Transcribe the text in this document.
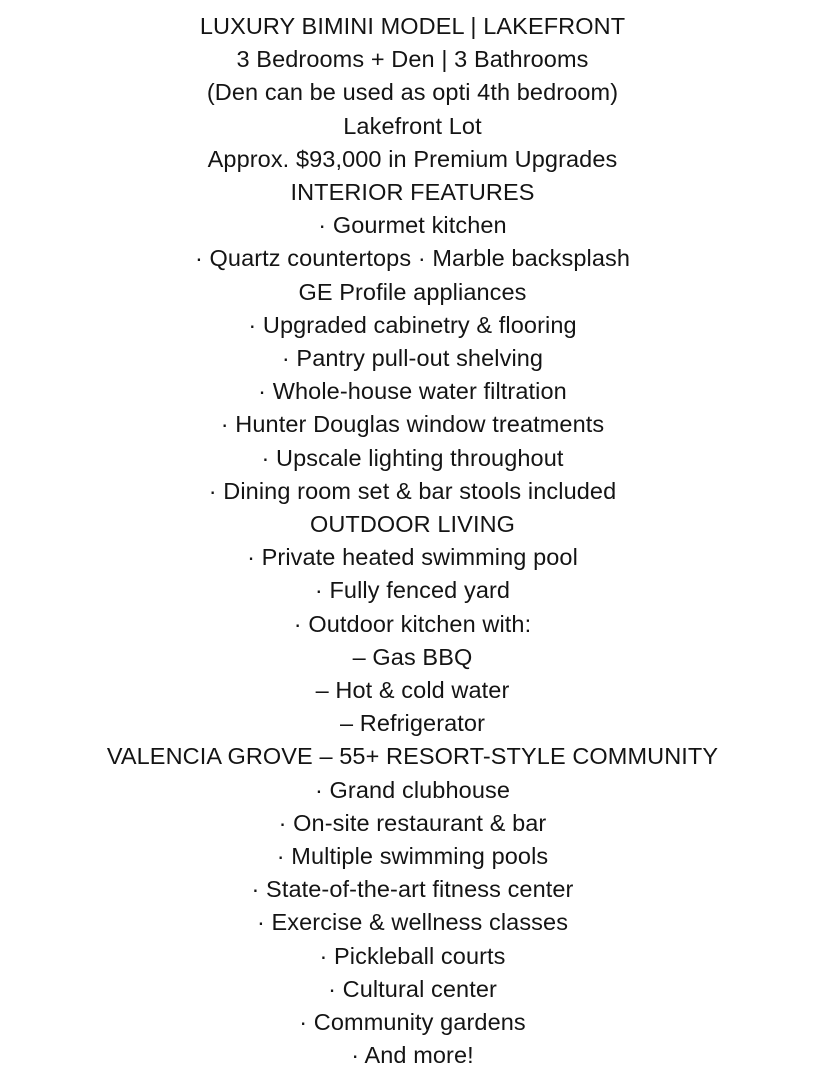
LUXURY BIMINI MODEL | LAKEFRONT
3 Bedrooms + Den | 3 Bathrooms
(Den can be used as opti 4th bedroom)
Lakefront Lot
Approx. $93,000 in Premium Upgrades
INTERIOR FEATURES
· Gourmet kitchen
· Quartz countertops · Marble backsplash
GE Profile appliances
· Upgraded cabinetry & flooring
· Pantry pull-out shelving
· Whole-house water filtration
· Hunter Douglas window treatments
· Upscale lighting throughout
· Dining room set & bar stools included
OUTDOOR LIVING
· Private heated swimming pool
· Fully fenced yard
· Outdoor kitchen with:
– Gas BBQ
– Hot & cold water
– Refrigerator
VALENCIA GROVE – 55+ RESORT-STYLE COMMUNITY
· Grand clubhouse
· On-site restaurant & bar
· Multiple swimming pools
· State-of-the-art fitness center
· Exercise & wellness classes
· Pickleball courts
· Cultural center
· Community gardens
· And more!
